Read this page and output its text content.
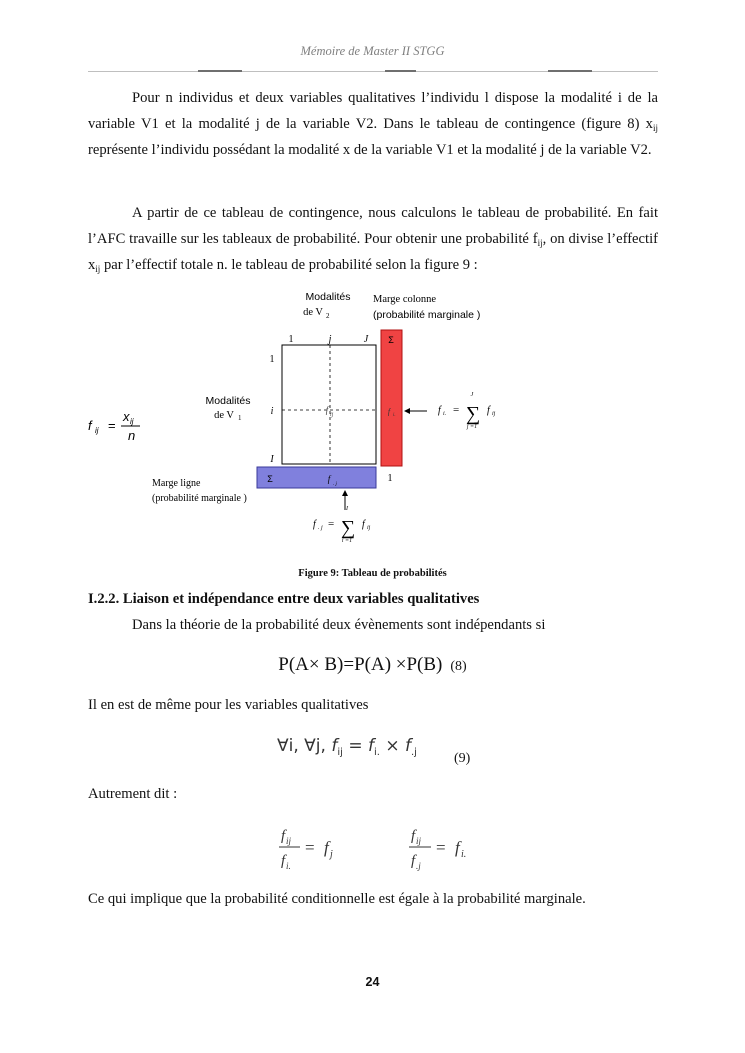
Mémoire de Master II STGG

Pour n individus et deux variables qualitatives l’individu l dispose la modalité i de la variable V1 et la modalité j de la variable V2. Dans le tableau de contingence (figure 8) $x_{ij}$ représente l’individu possédant la modalité x de la variable V1 et la modalité j de la variable V2.

A partir de ce tableau de contingence, nous calculons le tableau de probabilité. En fait l’AFC travaille sur les tableaux de probabilité. Pour obtenir une probabilité $f_{ij}$, on divise l’effectif $x_{ij}$ par l’effectif totale n. le tableau de probabilité selon la figure 9 :

Modalités
de V 2
Marge colonne
(probabilité marginale )
1	j	J Σ
f i.
1
i
I
f ij
Modalités
de V 1
Σ	f
. j
1
Marge ligne
(probabilité marginale )
f i. =
J
∑
j =1
f ij
f . j =
I
∑
i =1
f ij
f ij =
x ij
n
Figure 9: Tableau de probabilités
I.2.2. Liaison et indépendance entre deux variables qualitatives
Dans la théorie de la probabilité deux évènements sont indépendants si
P(A× B)=P(A) ×P(B) (8)
Il en est de même pour les variables qualitatives
∀i, ∀j, $f_{ij} = f_{i.} \times f_{.j}$	(9)
Autrement dit :
f ij
f i.
= f j
f ij
f .j
= f i.
Ce qui implique que la probabilité conditionnelle est égale à la probabilité marginale.
24
